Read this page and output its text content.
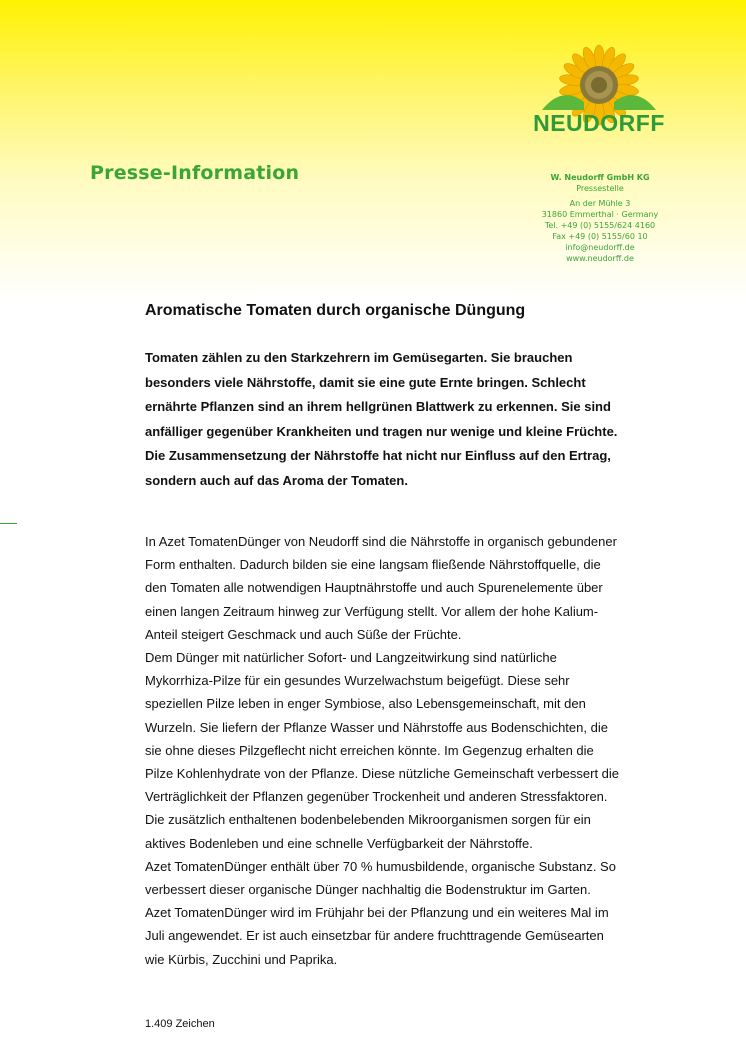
NEUDORFF
Presse-Information	W. Neudorff GmbH KG
Pressestelle
An der Mühle 3
31860 Emmerthal · Germany
Tel. +49 (0) 5155/624 4160
Fax +49 (0) 5155/60 10
info@neudorff.de
www.neudorff.de
Aromatische Tomaten durch organische Düngung
Tomaten zählen zu den Starkzehrern im Gemüsegarten. Sie brauchen
besonders viele Nährstoffe, damit sie eine gute Ernte bringen. Schlecht
ernährte Pflanzen sind an ihrem hellgrünen Blattwerk zu erkennen. Sie sind
anfälliger gegenüber Krankheiten und tragen nur wenige und kleine Früchte.
Die Zusammensetzung der Nährstoffe hat nicht nur Einfluss auf den Ertrag,
sondern auch auf das Aroma der Tomaten.
In Azet TomatenDünger von Neudorff sind die Nährstoffe in organisch gebundener
Form enthalten. Dadurch bilden sie eine langsam fließende Nährstoffquelle, die
den Tomaten alle notwendigen Hauptnährstoffe und auch Spurenelemente über
einen langen Zeitraum hinweg zur Verfügung stellt. Vor allem der hohe Kalium-
Anteil steigert Geschmack und auch Süße der Früchte.
Dem Dünger mit natürlicher Sofort- und Langzeitwirkung sind natürliche
Mykorrhiza-Pilze für ein gesundes Wurzelwachstum beigefügt. Diese sehr
speziellen Pilze leben in enger Symbiose, also Lebensgemeinschaft, mit den
Wurzeln. Sie liefern der Pflanze Wasser und Nährstoffe aus Bodenschichten, die
sie ohne dieses Pilzgeflecht nicht erreichen könnte. Im Gegenzug erhalten die
Pilze Kohlenhydrate von der Pflanze. Diese nützliche Gemeinschaft verbessert die
Verträglichkeit der Pflanzen gegenüber Trockenheit und anderen Stressfaktoren.
Die zusätzlich enthaltenen bodenbelebenden Mikroorganismen sorgen für ein
aktives Bodenleben und eine schnelle Verfügbarkeit der Nährstoffe.
Azet TomatenDünger enthält über 70 % humusbildende, organische Substanz. So
verbessert dieser organische Dünger nachhaltig die Bodenstruktur im Garten.
Azet TomatenDünger wird im Frühjahr bei der Pflanzung und ein weiteres Mal im
Juli angewendet. Er ist auch einsetzbar für andere fruchttragende Gemüsearten
wie Kürbis, Zucchini und Paprika.
1.409 Zeichen
